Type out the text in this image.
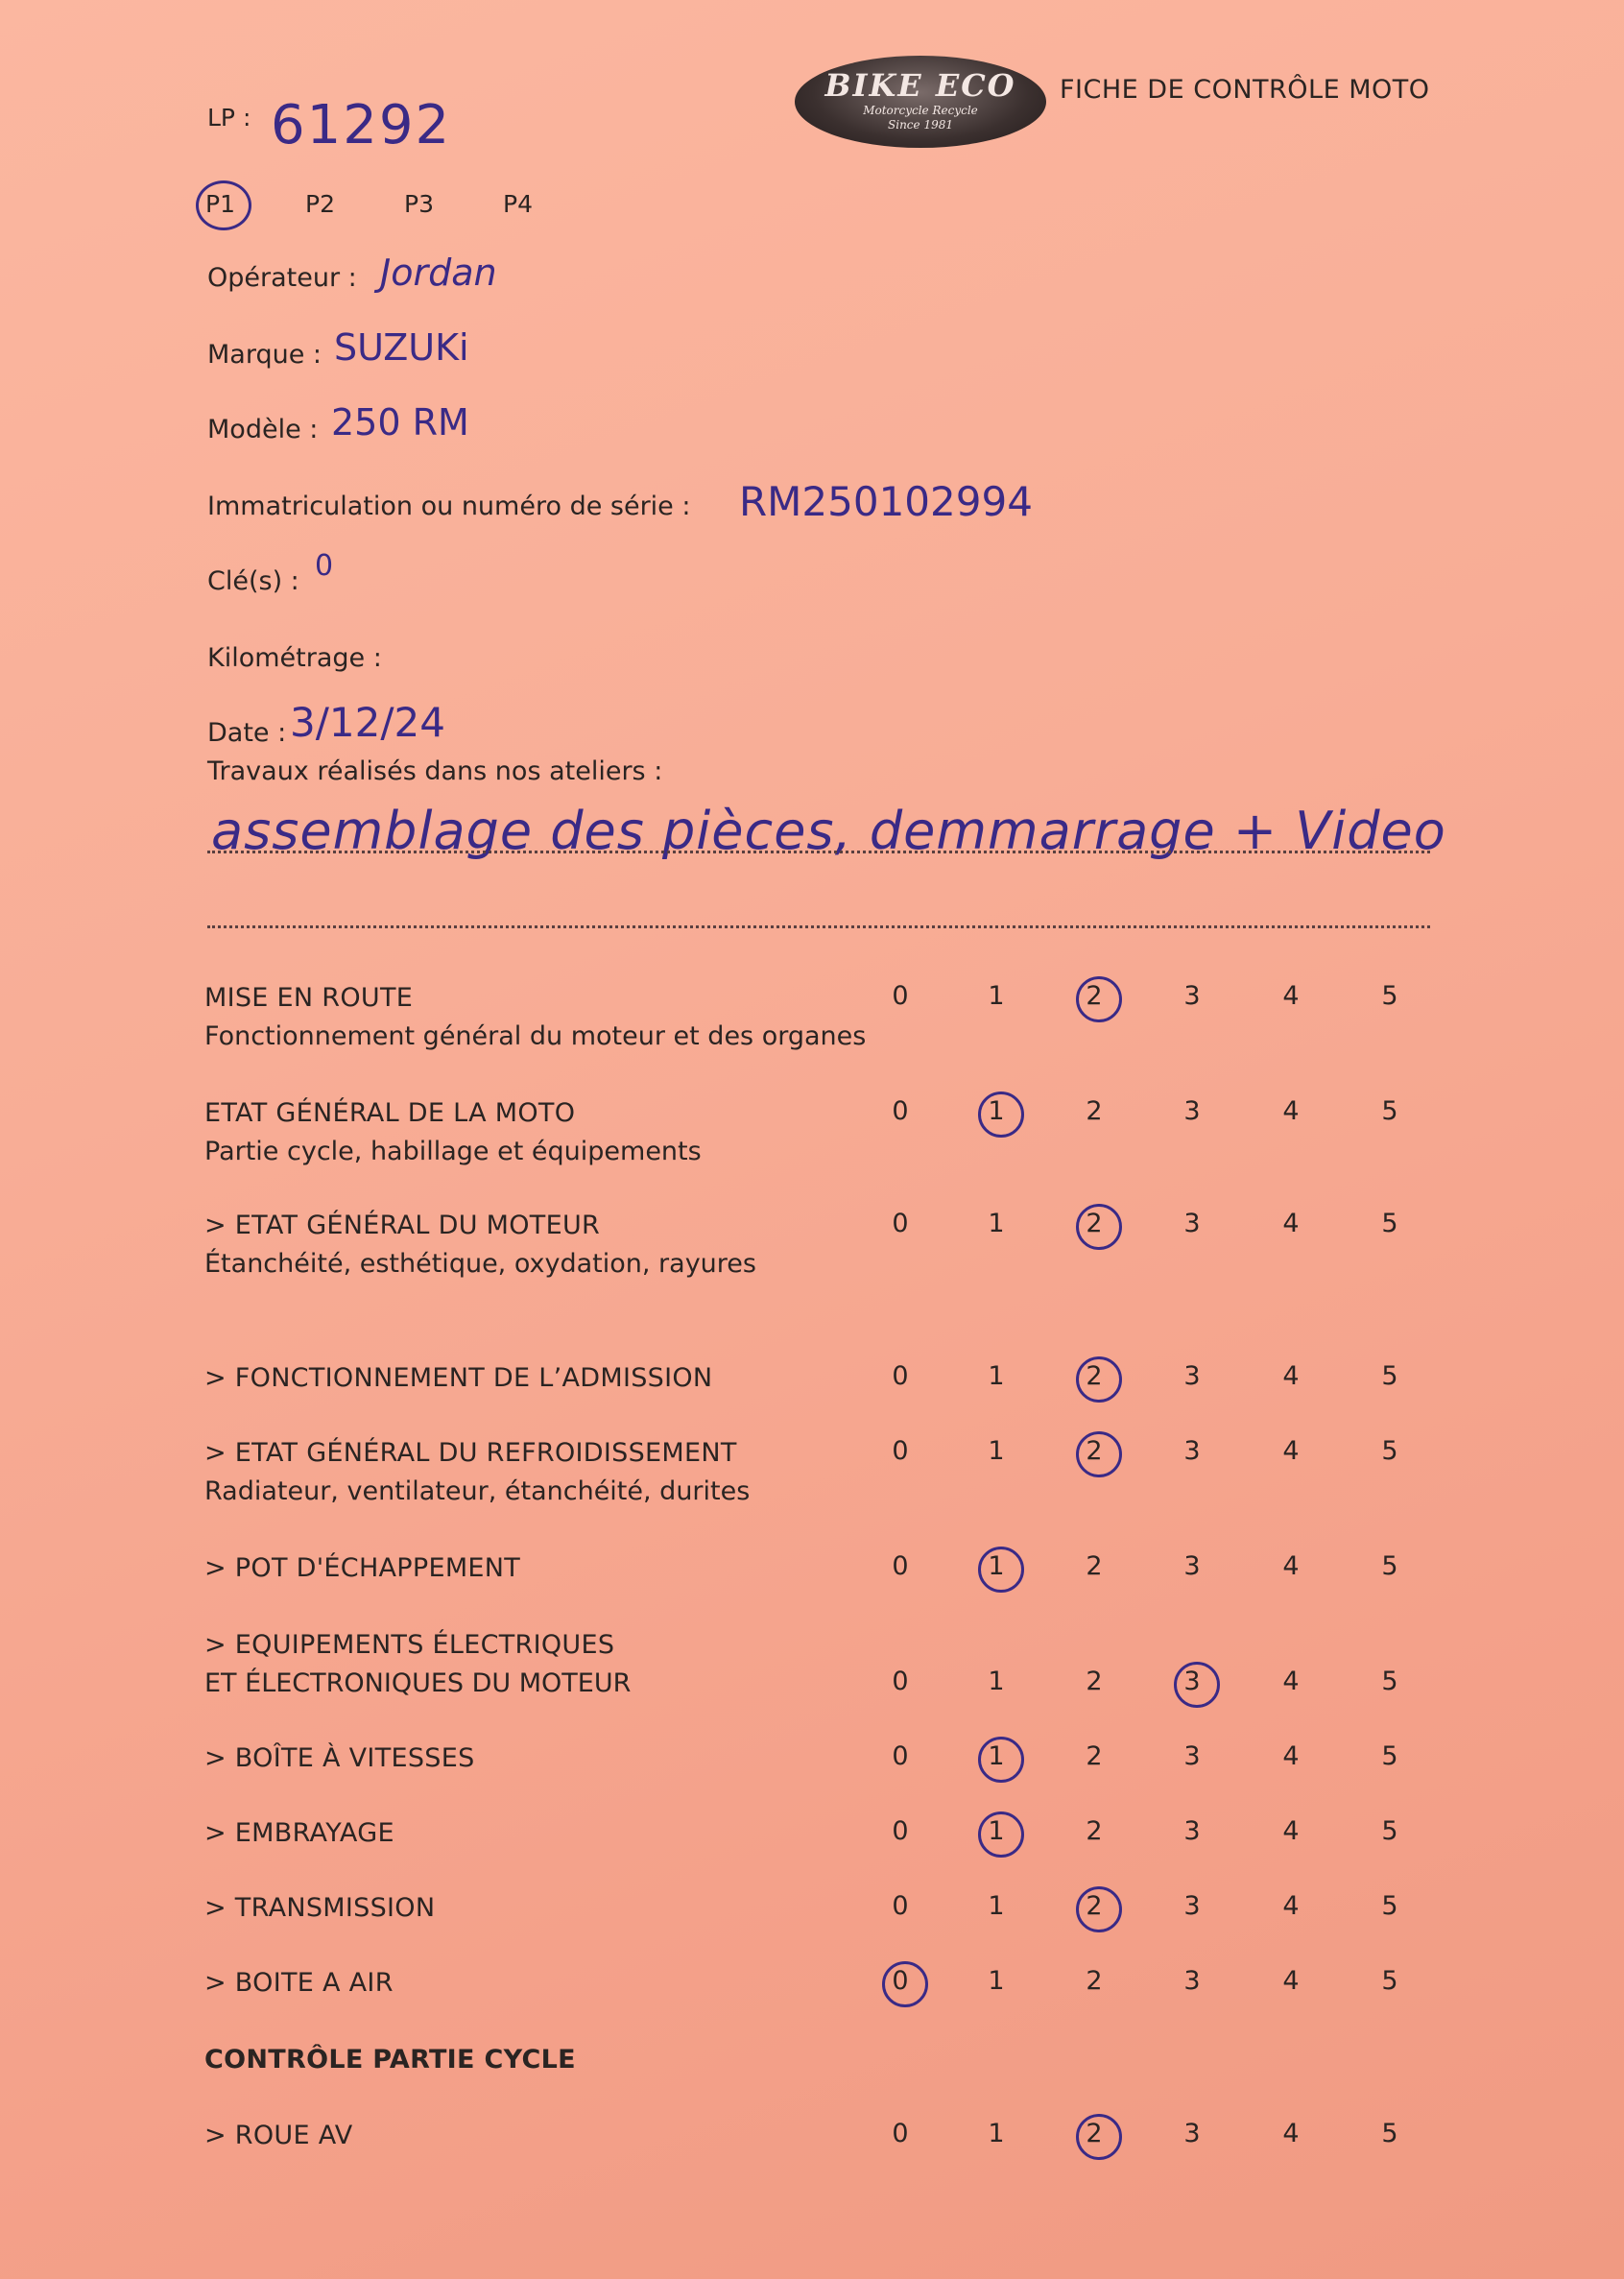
BIKE ECO
Motorcycle Recycle
Since 1981
FICHE DE CONTRÔLE MOTO
LP : 61292
P1	P2	P3	P4
Opérateur : Jordan
Marque : SUZUKi
Modèle : 250 RM
Immatriculation ou numéro de série : RM250102994
Clé(s) : 0
Kilométrage :
Date : 3/12/24
Travaux réalisés dans nos ateliers :
assemblage des pièces, demmarrage + Video
CONTRÔLE PARTIE CYCLE
MISE EN ROUTE
Fonctionnement général du moteur et des organes
0	1	2	3	4	5
ETAT GÉNÉRAL DE LA MOTO
Partie cycle, habillage et équipements
0	1	2	3	4	5
> ETAT GÉNÉRAL DU MOTEUR
Étanchéité, esthétique, oxydation, rayures
0	1	2	3	4	5
> FONCTIONNEMENT DE L’ADMISSION	0	1	2	3	4	5
> ETAT GÉNÉRAL DU REFROIDISSEMENT
Radiateur, ventilateur, étanchéité, durites
0	1	2	3	4	5
> POT D'ÉCHAPPEMENT	0	1	2	3	4	5
> EQUIPEMENTS ÉLECTRIQUES
ET ÉLECTRONIQUES DU MOTEUR	0	1	2	3	4	5
> BOÎTE À VITESSES	0	1	2	3	4	5
> EMBRAYAGE	0	1	2	3	4	5
> TRANSMISSION	0	1	2	3	4	5
> BOITE A AIR	0	1	2	3	4	5
> ROUE AV	0	1	2	3	4	5
